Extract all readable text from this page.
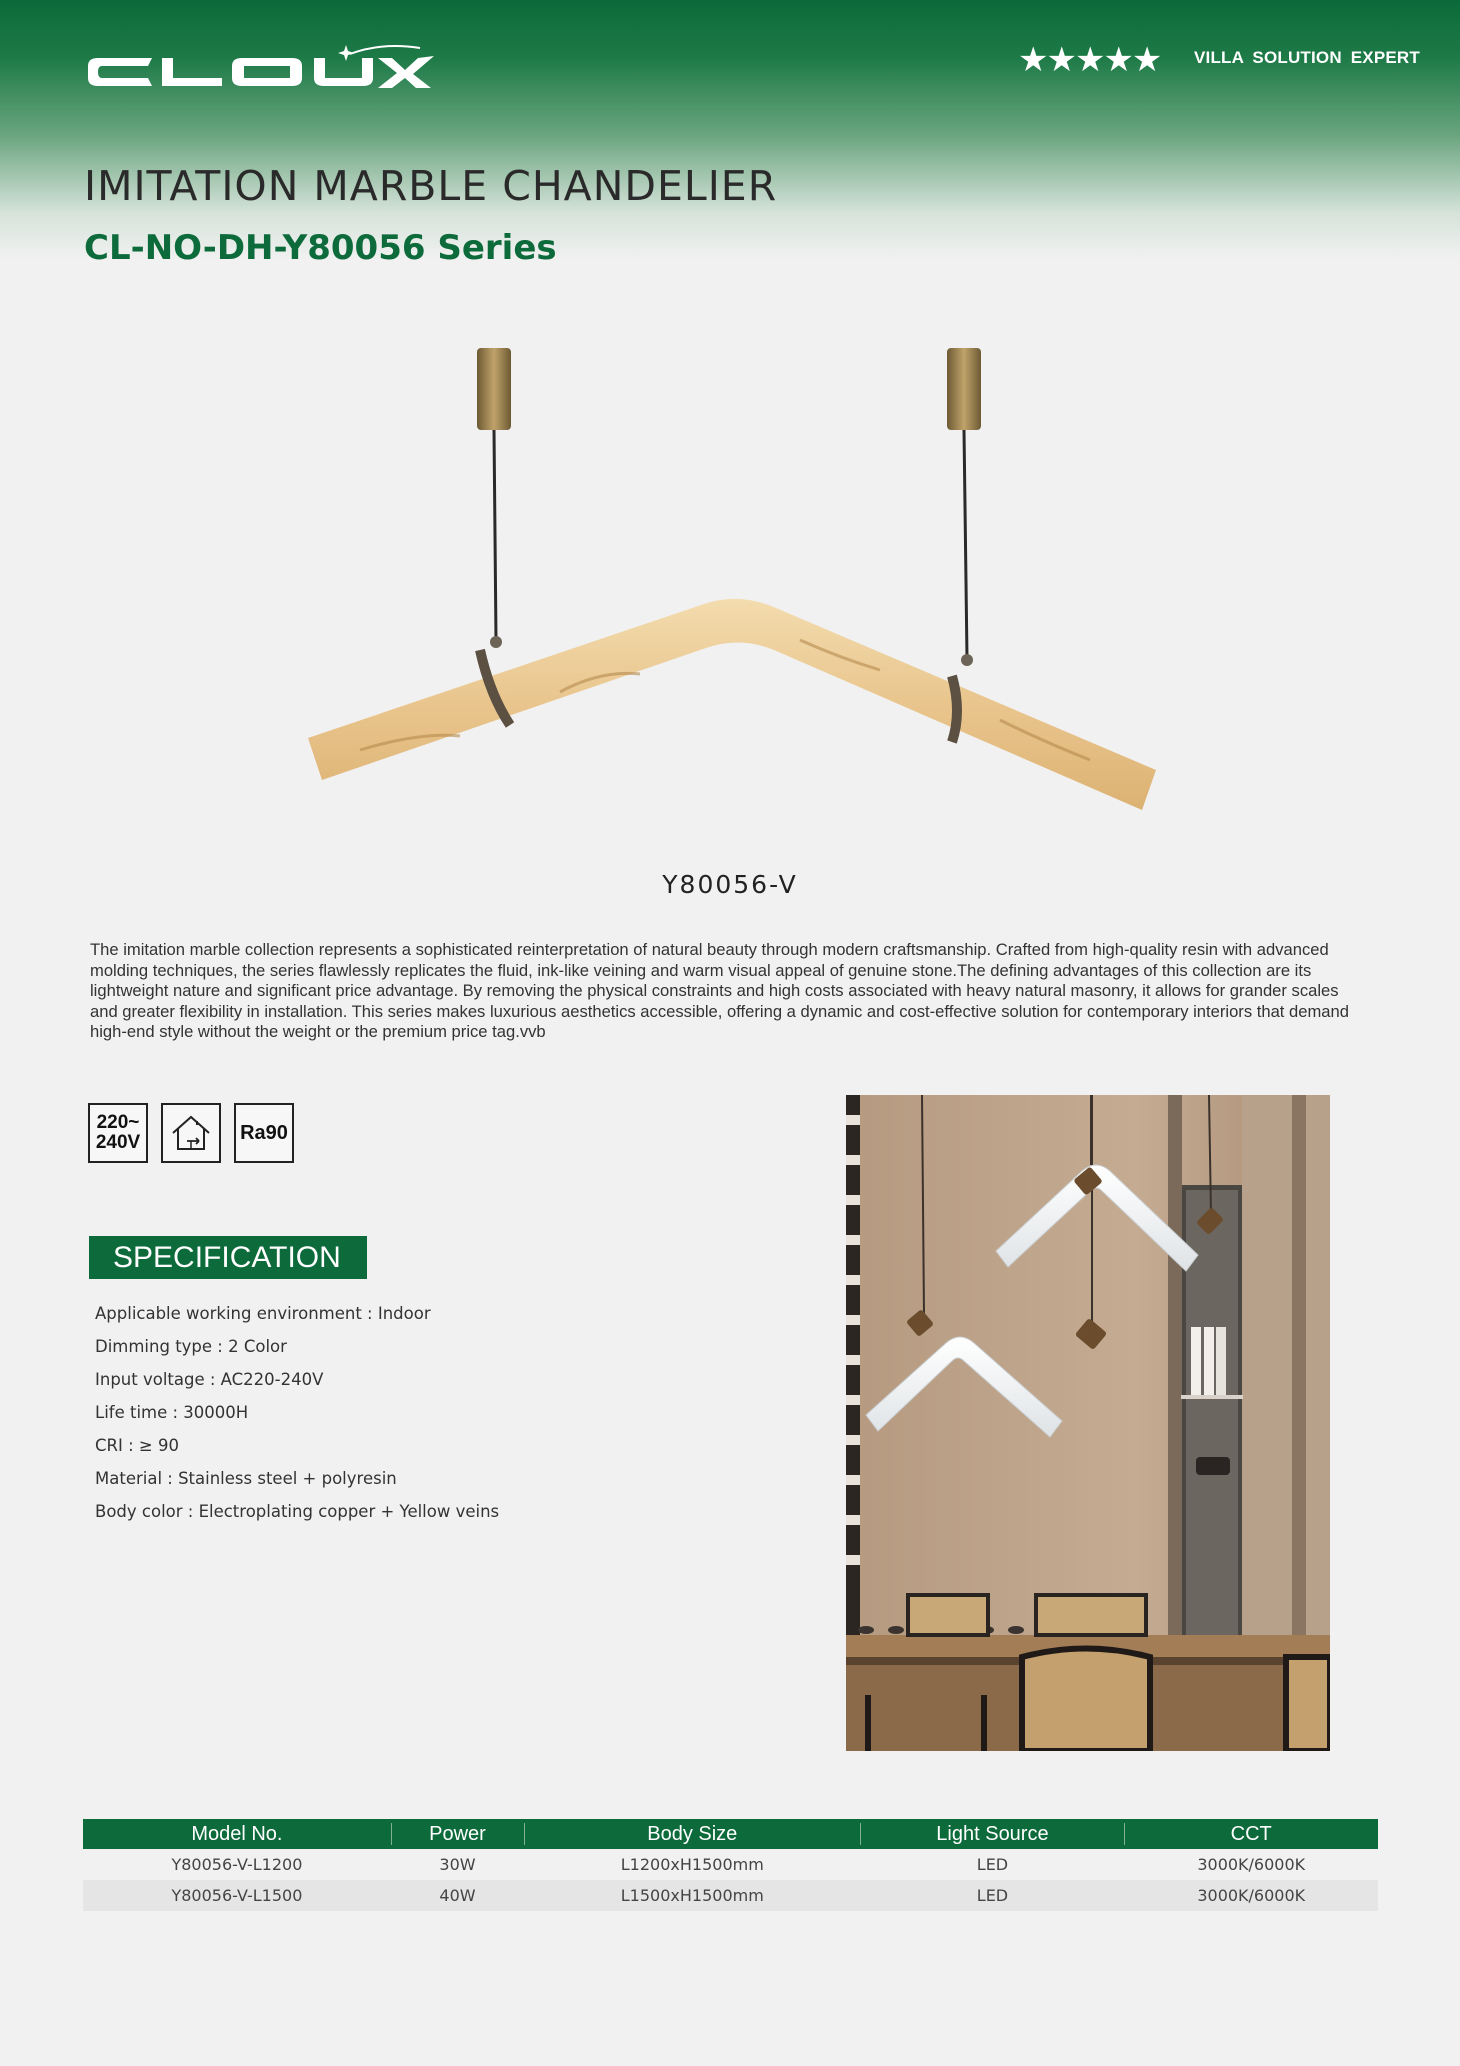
★★★★★ VILLA SOLUTION EXPERT
IMITATION MARBLE CHANDELIER
CL-NO-DH-Y80056 Series
Y80056-V

The imitation marble collection represents a sophisticated reinterpretation of natural beauty through modern craftsmanship. Crafted from high-quality resin with advanced molding techniques, the series flawlessly replicates the fluid, ink-like veining and warm visual appeal of genuine stone.The defining advantages of this collection are its lightweight nature and significant price advantage. By removing the physical constraints and high costs associated with heavy natural masonry, it allows for grander scales and greater flexibility in installation. This series makes luxurious aesthetics accessible, offering a dynamic and cost-effective solution for contemporary interiors that demand high-end style without the weight or the premium price tag.vvb

220~
240V	Ra90
SPECIFICATION
Applicable working environment : Indoor
Dimming type : 2 Color
Input voltage : AC220-240V
Life time : 30000H
CRI : ≥ 90
Material : Stainless steel + polyresin
Body color : Electroplating copper + Yellow veins
Model No.	Power	Body Size	Light Source	CCT
Y80056-V-L1200	30W	L1200xH1500mm	LED	3000K/6000K
Y80056-V-L1500	40W	L1500xH1500mm	LED	3000K/6000K
